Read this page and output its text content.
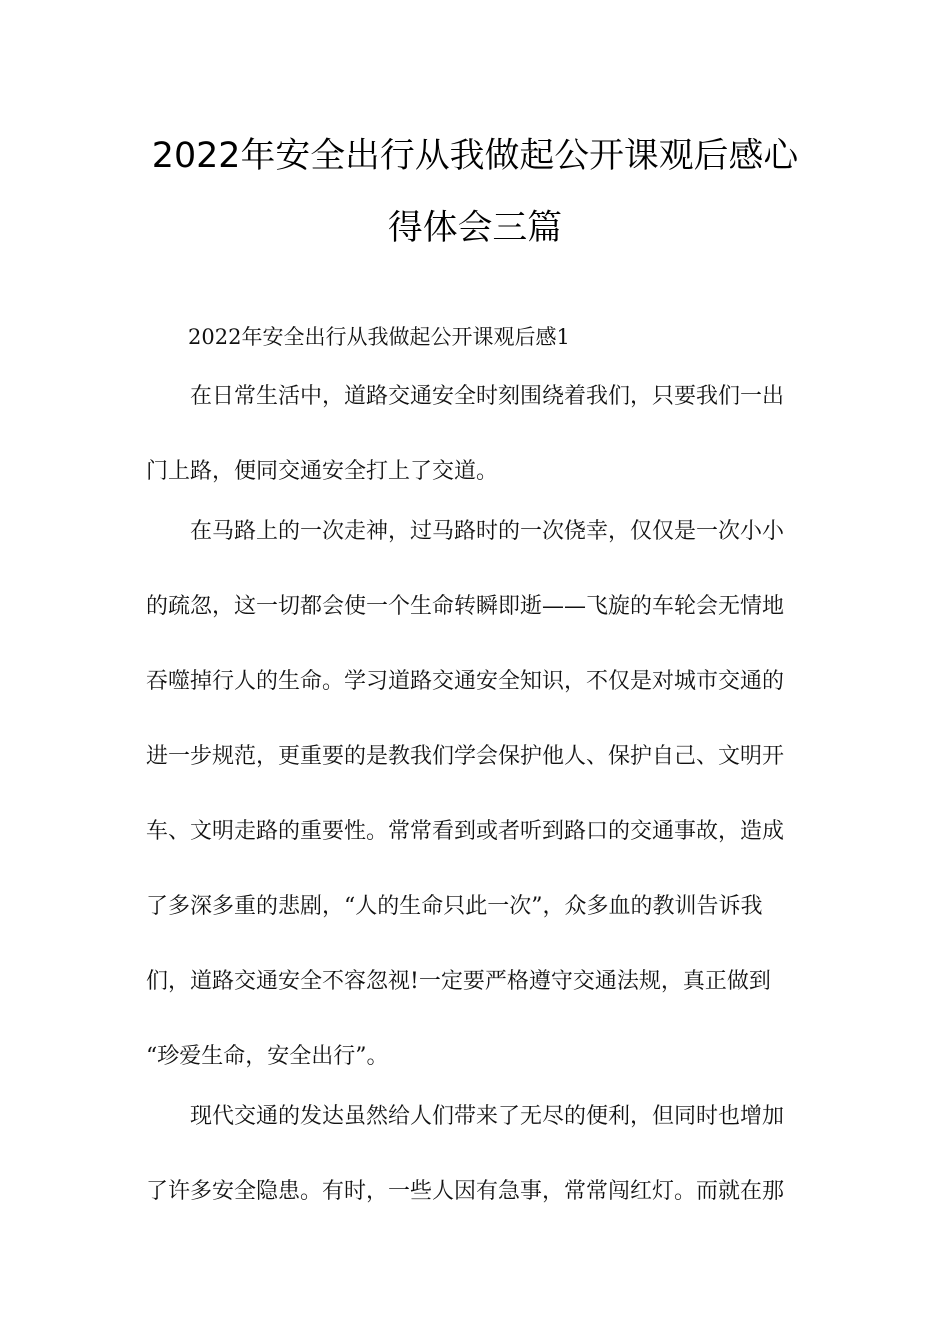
2022年安全出行从我做起公开课观后感心
得体会三篇
2022年安全出行从我做起公开课观后感1
在日常生活中，道路交通安全时刻围绕着我们，只要我们一出
门上路，便同交通安全打上了交道。
在马路上的一次走神，过马路时的一次侥幸，仅仅是一次小小
的疏忽，这一切都会使一个生命转瞬即逝——飞旋的车轮会无情地
吞噬掉行人的生命。学习道路交通安全知识，不仅是对城市交通的
进一步规范，更重要的是教我们学会保护他人、保护自己、文明开
车、文明走路的重要性。常常看到或者听到路口的交通事故，造成
了多深多重的悲剧，“人的生命只此一次”，众多血的教训告诉我
们，道路交通安全不容忽视!一定要严格遵守交通法规，真正做到
“珍爱生命，安全出行”。
现代交通的发达虽然给人们带来了无尽的便利，但同时也增加
了许多安全隐患。有时，一些人因有急事，常常闯红灯。而就在那
